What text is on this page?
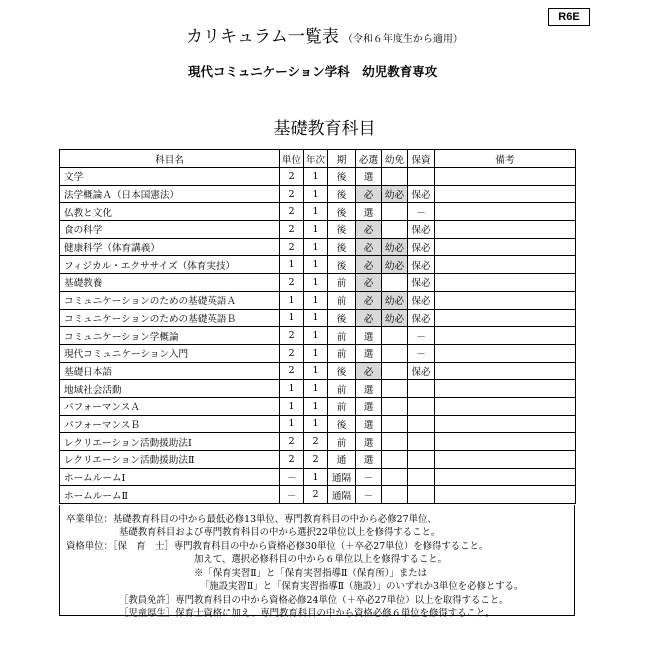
R6E
カリキュラム一覧表 （令和６年度生から適用）
現代コミュニケーション学科　幼児教育専攻
基礎教育科目
科目名	単位	年次	期	必選	幼免	保資	備考
文学	2	1	後	選			
法学概論Ａ（日本国憲法）	2	1	後	必	幼必	保必	
仏教と文化	2	1	後	選		－	
食の科学	2	1	後	必		保必	
健康科学（体育講義）	2	1	後	必	幼必	保必	
フィジカル・エクササイズ（体育実技）	1	1	後	必	幼必	保必	
基礎教養	2	1	前	必		保必	
コミュニケーションのための基礎英語Ａ	1	1	前	必	幼必	保必	
コミュニケーションのための基礎英語Ｂ	1	1	後	必	幼必	保必	
コミュニケーション学概論	2	1	前	選		－	
現代コミュニケーション入門	2	1	前	選		－	
基礎日本語	2	1	後	必		保必	
地域社会活動	1	1	前	選			
パフォーマンスＡ	1	1	前	選			
パフォーマンスＢ	1	1	後	選			
レクリエーション活動援助法Ⅰ	2	2	前	選			
レクリエーション活動援助法Ⅱ	2	2	通	選			
ホームルームⅠ	－	1	通隔	－			
ホームルームⅡ	－	2	通隔	－			
卒業単位：基礎教育科目の中から最低必修13単位、専門教育科目の中から必修27単位、
基礎教育科目および専門教育科目の中から選択22単位以上を修得すること。
資格単位：［保　育　士］専門教育科目の中から資格必修30単位（＋卒必27単位）を修得すること。
加えて、選択必修科目の中から６単位以上を修得すること。
※「保育実習Ⅱ」と「保育実習指導Ⅱ（保育所）」または
「施設実習Ⅱ」と「保育実習指導Ⅱ（施設）」のいずれか3単位を必修とする。
［教員免許］専門教育科目の中から資格必修24単位（＋卒必27単位）以上を取得すること。
［児童厚生］保育士資格に加え、専門教育科目の中から資格必修６単位を修得すること。
